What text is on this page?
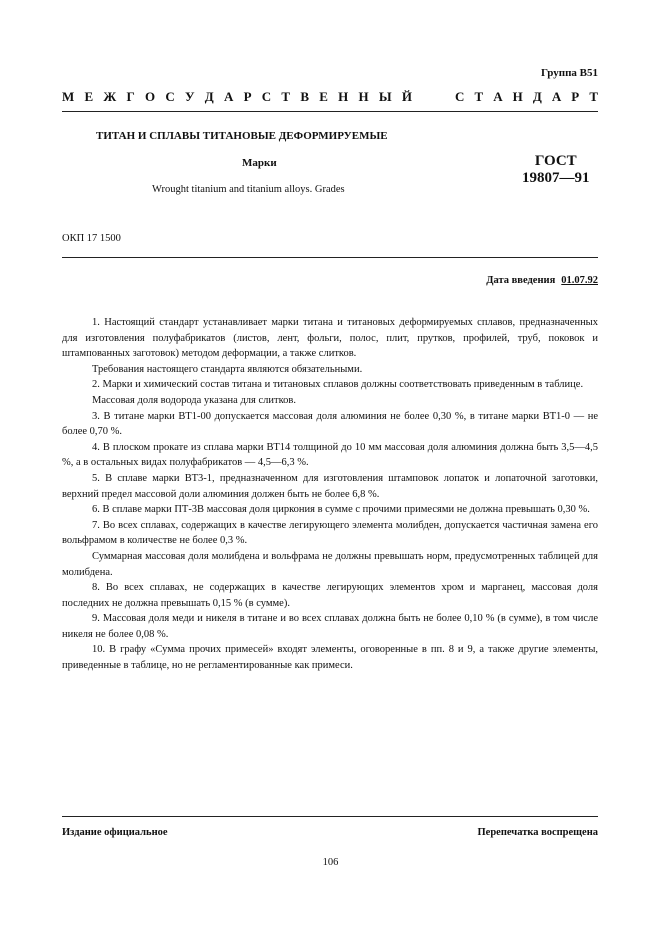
Группа В51
М Е Ж Г О С У Д А Р С Т В Е Н Н Ы Й	С Т А Н Д А Р Т
ТИТАН И СПЛАВЫ ТИТАНОВЫЕ ДЕФОРМИРУЕМЫЕ
Марки	ГОСТ
19807—91
Wrought titanium and titanium alloys. Grades
ОКП 17 1500
Дата введения 01.07.92

1. Настоящий стандарт устанавливает марки титана и титановых деформируемых сплавов, предназначенных для изготовления полуфабрикатов (листов, лент, фольги, полос, плит, прутков, профилей, труб, поковок и штампованных заготовок) методом деформации, а также слитков.

Требования настоящего стандарта являются обязательными.

2. Марки и химический состав титана и титановых сплавов должны соответствовать приведенным в таблице.

Массовая доля водорода указана для слитков.

3. В титане марки ВТ1-00 допускается массовая доля алюминия не более 0,30 %, в титане марки ВТ1-0 — не более 0,70 %.

4. В плоском прокате из сплава марки ВТ14 толщиной до 10 мм массовая доля алюминия должна быть 3,5—4,5 %, а в остальных видах полуфабрикатов — 4,5—6,3 %.

5. В сплаве марки ВТ3-1, предназначенном для изготовления штамповок лопаток и лопаточной заготовки, верхний предел массовой доли алюминия должен быть не более 6,8 %.

6. В сплаве марки ПТ-3В массовая доля циркония в сумме с прочими примесями не должна превышать 0,30 %.

7. Во всех сплавах, содержащих в качестве легирующего элемента молибден, допускается частичная замена его вольфрамом в количестве не более 0,3 %.

Суммарная массовая доля молибдена и вольфрама не должны превышать норм, предусмотренных таблицей для молибдена.

8. Во всех сплавах, не содержащих в качестве легирующих элементов хром и марганец, массовая доля последних не должна превышать 0,15 % (в сумме).

9. Массовая доля меди и никеля в титане и во всех сплавах должна быть не более 0,10 % (в сумме), в том числе никеля не более 0,08 %.

10. В графу «Сумма прочих примесей» входят элементы, оговоренные в пп. 8 и 9, а также другие элементы, приведенные в таблице, но не регламентированные как примеси.

Издание официальное	Перепечатка воспрещена
106
